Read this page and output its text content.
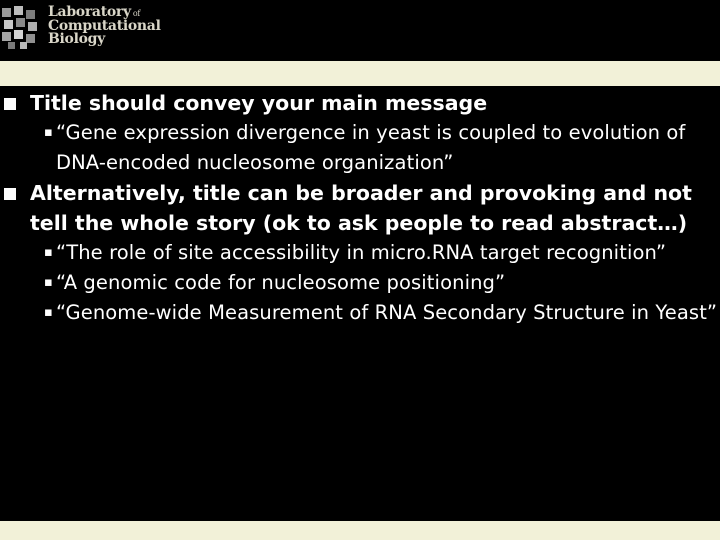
Laboratory of
Computational
Biology
Title should convey your main message
▪ “Gene expression divergence in yeast is coupled to evolution of DNA-encoded nucleosome organization”
Alternatively, title can be broader and provoking and not tell the whole story (ok to ask people to read abstract…)
▪ “The role of site accessibility in micro.RNA target recognition”
▪ “A genomic code for nucleosome positioning”
▪ “Genome-wide Measurement of RNA Secondary Structure in Yeast”
